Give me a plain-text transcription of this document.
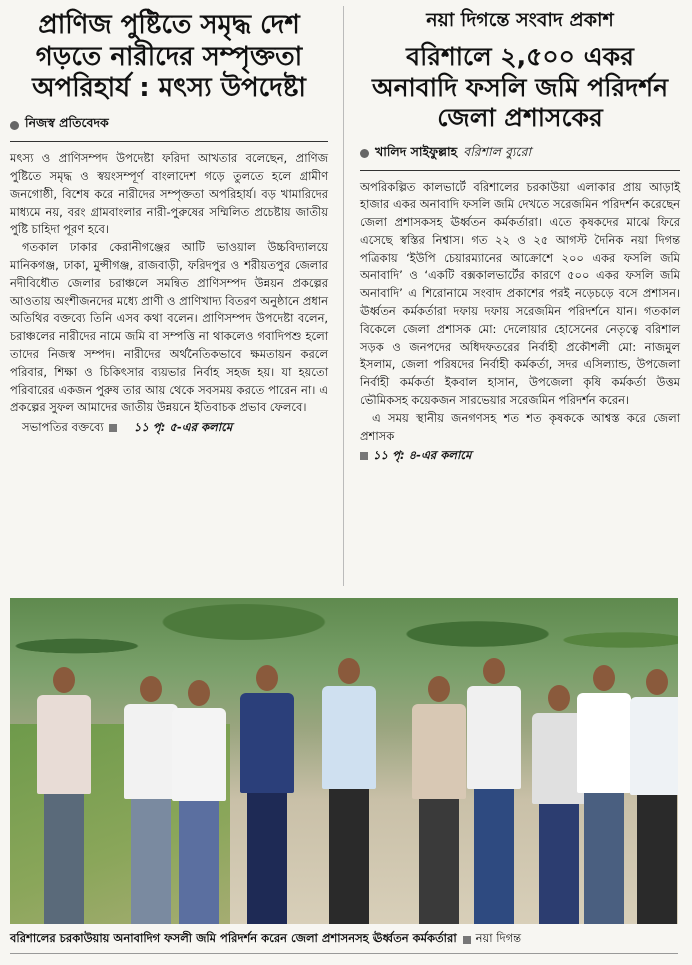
প্রাণিজ পুষ্টিতে সমৃদ্ধ দেশ গড়তে নারীদের সম্পৃক্ততা অপরিহার্য : মৎস্য উপদেষ্টা
নিজস্ব প্রতিবেদক

মৎস্য ও প্রাণিসম্পদ উপদেষ্টা ফরিদা আখতার বলেছেন, প্রাণিজ পুষ্টিতে সমৃদ্ধ ও স্বয়ংসম্পূর্ণ বাংলাদেশ গড়ে তুলতে হলে গ্রামীণ জনগোষ্ঠী, বিশেষ করে নারীদের সম্পৃক্ততা অপরিহার্য। বড় খামারিদের মাধ্যমে নয়, বরং গ্রামবাংলার নারী-পুরুষের সম্মিলিত প্রচেষ্টায় জাতীয় পুষ্টি চাহিদা পূরণ হবে।

গতকাল ঢাকার কেরানীগঞ্জের আটি ভাওয়াল উচ্চবিদ্যালয়ে মানিকগঞ্জ, ঢাকা, মুন্সীগঞ্জ, রাজবাড়ী, ফরিদপুর ও শরীয়তপুর জেলার নদীবিধৌত জেলার চরাঞ্চলে সমন্বিত প্রাণিসম্পদ উন্নয়ন প্রকল্পের আওতায় অংশীজনদের মধ্যে প্রাণী ও প্রাণিখাদ্য বিতরণ অনুষ্ঠানে প্রধান অতিথির বক্তব্যে তিনি এসব কথা বলেন। প্রাণিসম্পদ উপদেষ্টা বলেন, চরাঞ্চলের নারীদের নামে জমি বা সম্পত্তি না থাকলেও গবাদিপশু হলো তাদের নিজস্ব সম্পদ। নারীদের অর্থনৈতিকভাবে ক্ষমতায়ন করলে পরিবার, শিক্ষা ও চিকিৎসার ব্যয়ভার নির্বাহ সহজ হয়। যা হয়তো পরিবারের একজন পুরুষ তার আয় থেকে সবসময় করতে পারেন না। এ প্রকল্পের সুফল আমাদের জাতীয় উন্নয়নে ইতিবাচক প্রভাব ফেলবে।

সভাপতির বক্তব্যে	১১ পৃ: ৫-এর কলামে
নয়া দিগন্তে সংবাদ প্রকাশ
বরিশালে ২,৫০০ একর অনাবাদি ফসলি জমি পরিদর্শন জেলা প্রশাসকের
খালিদ সাইফুল্লাহ বরিশাল ব্যুরো

অপরিকল্পিত কালভার্টে বরিশালের চরকাউয়া এলাকার প্রায় আড়াই হাজার একর অনাবাদি ফসলি জমি দেখতে সরেজমিন পরিদর্শন করেছেন জেলা প্রশাসকসহ ঊর্ধ্বতন কর্মকর্তারা। এতে কৃষকদের মাঝে ফিরে এসেছে স্বস্তির নিশ্বাস। গত ২২ ও ২৫ আগস্ট দৈনিক নয়া দিগন্ত পত্রিকায় ‘ইউপি চেয়ারম্যানের আক্রোশে ২০০ একর ফসলি জমি অনাবাদি’ ও ‘একটি বক্সকালভার্টের কারণে ৫০০ একর ফসলি জমি অনাবাদি’ এ শিরোনামে সংবাদ প্রকাশের পরই নড়েচড়ে বসে প্রশাসন। ঊর্ধ্বতন কর্মকর্তারা দফায় দফায় সরেজমিন পরিদর্শনে যান। গতকাল বিকেলে জেলা প্রশাসক মো: দেলোয়ার হোসেনের নেতৃত্বে বরিশাল সড়ক ও জনপদের অধিদফতরের নির্বাহী প্রকৌশলী মো: নাজমুল ইসলাম, জেলা পরিষদের নির্বাহী কর্মকর্তা, সদর এসিল্যান্ড, উপজেলা নির্বাহী কর্মকর্তা ইকবাল হাসান, উপজেলা কৃষি কর্মকর্তা উত্তম ভৌমিকসহ কয়েকজন সারভেয়ার সরেজমিন পরিদর্শন করেন।

এ সময় স্থানীয় জনগণসহ শত শত কৃষককে আশ্বস্ত করে জেলা প্রশাসক

১১ পৃ: ৪-এর কলামে
বরিশালের চরকাউয়ায় অনাবাদিগ ফসলী জমি পরিদর্শন করেন জেলা প্রশাসনসহ ঊর্ধ্বতন কর্মকর্তারা নয়া দিগন্ত
